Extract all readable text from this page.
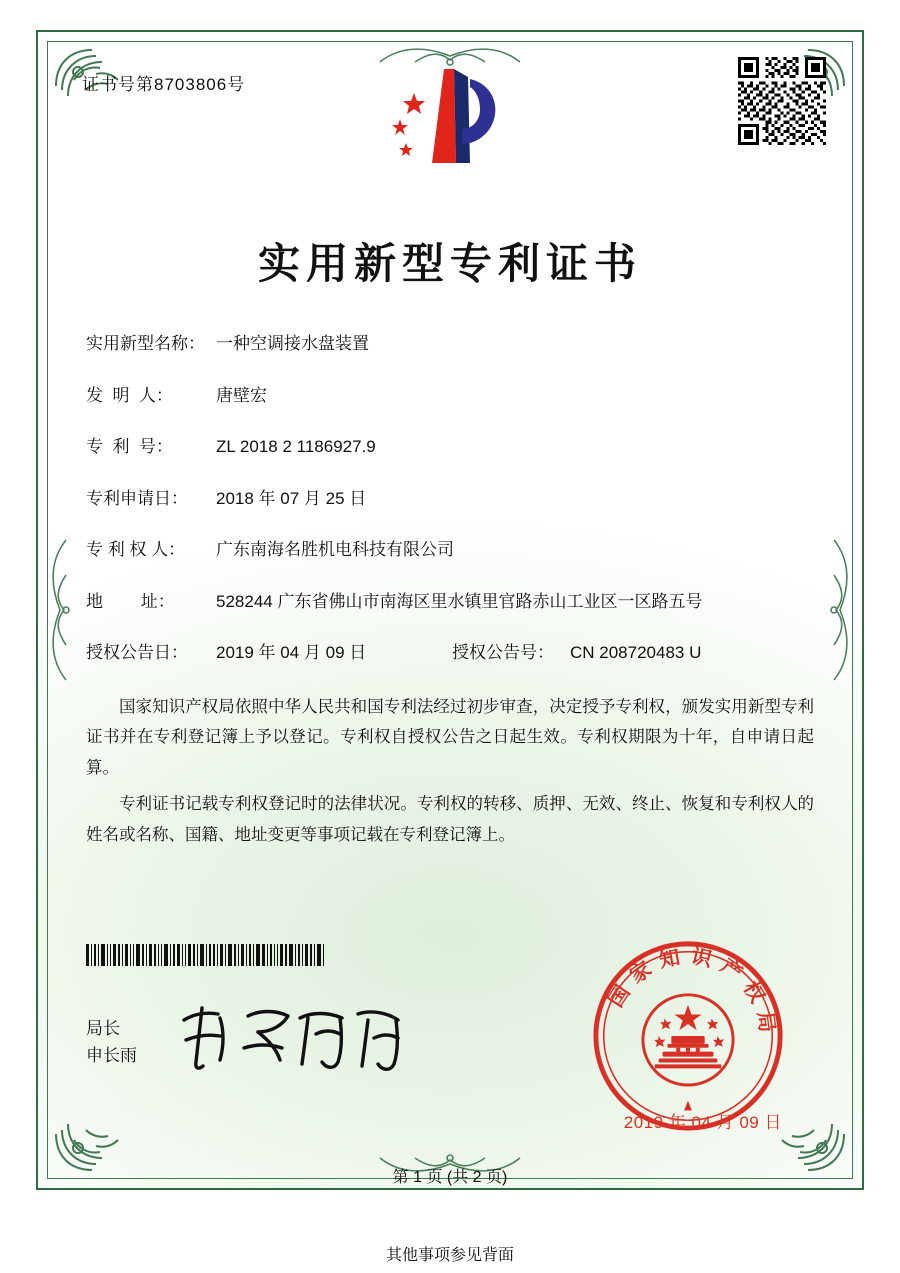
证书号第8703806号
实用新型专利证书
实用新型名称： 一种空调接水盘装置
发  明  人：	唐壁宏
专  利  号：	ZL 2018 2 1186927.9
专利申请日：	2018 年 07 月 25 日
专 利 权 人：	广东南海名胜机电科技有限公司
地        址：	528244 广东省佛山市南海区里水镇里官路赤山工业区一区路五号
授权公告日：	2019 年 04 月 09 日	授权公告号： CN 208720483 U

国家知识产权局依照中华人民共和国专利法经过初步审查，决定授予专利权，颁发实用新型专利证书并在专利登记簿上予以登记。专利权自授权公告之日起生效。专利权期限为十年，自申请日起算。

专利证书记载专利权登记时的法律状况。专利权的转移、质押、无效、终止、恢复和专利权人的姓名或名称、国籍、地址变更等事项记载在专利登记簿上。

局长
申长雨
国家知识产权局
2019 年 04 月 09 日
第 1 页 (共 2 页)
其他事项参见背面
